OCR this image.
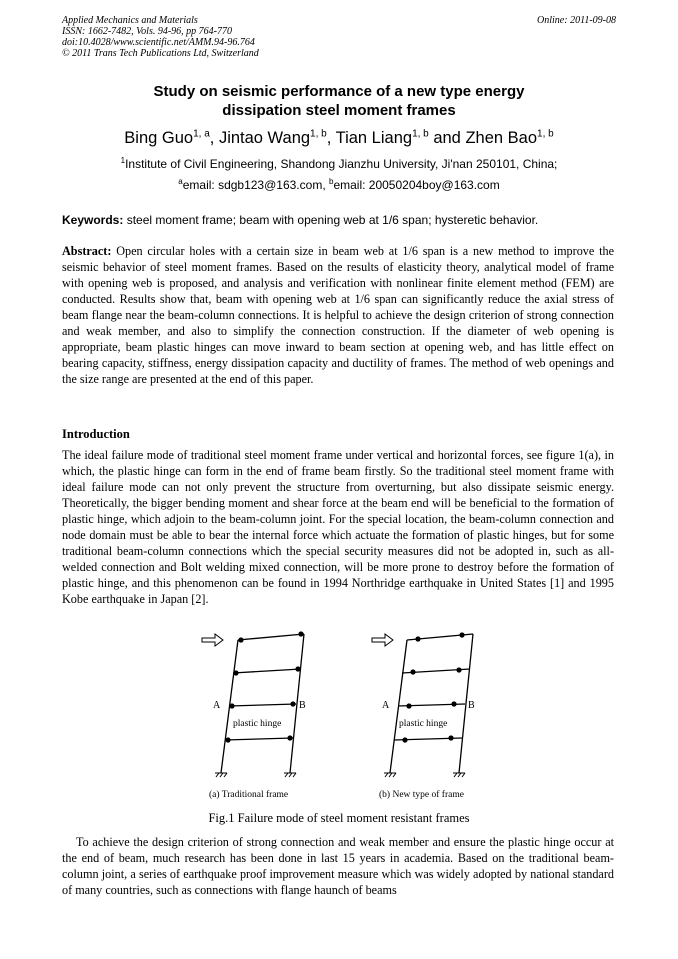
Applied Mechanics and Materials
ISSN: 1662-7482, Vols. 94-96, pp 764-770
doi:10.4028/www.scientific.net/AMM.94-96.764
© 2011 Trans Tech Publications Ltd, Switzerland
Online: 2011-09-08
Study on seismic performance of a new type energy
dissipation steel moment frames
Bing Guo$^{1, a}$, Jintao Wang$^{1, b}$, Tian Liang$^{1, b}$ and Zhen Bao$^{1, b}$
$^1$Institute of Civil Engineering, Shandong Jianzhu University, Ji'nan 250101, China;
$^a$email: sdgb123@163.com, $^b$email: 20050204boy@163.com
Keywords: steel moment frame; beam with opening web at 1/6 span; hysteretic behavior.
Abstract: Open circular holes with a certain size in beam web at 1/6 span is a new method to improve the seismic behavior of steel moment frames. Based on the results of elasticity theory, analytical model of frame with opening web is proposed, and analysis and verification with nonlinear finite element method (FEM) are conducted. Results show that, beam with opening web at 1/6 span can significantly reduce the axial stress of beam flange near the beam-column connections. It is helpful to achieve the design criterion of strong connection and weak member, and also to simplify the connection construction. If the diameter of web opening is appropriate, beam plastic hinges can move inward to beam section at opening web, and has little effect on bearing capacity, stiffness, energy dissipation capacity and ductility of frames. The method of web openings and the size range are presented at the end of this paper.
Introduction
The ideal failure mode of traditional steel moment frame under vertical and horizontal forces, see figure 1(a), in which, the plastic hinge can form in the end of frame beam firstly. So the traditional steel moment frame with ideal failure mode can not only prevent the structure from overturning, but also dissipate seismic energy. Theoretically, the bigger bending moment and shear force at the beam end will be beneficial to the formation of plastic hinge, which adjoin to the beam-column joint. For the special location, the beam-column connection and node domain must be able to bear the internal force which actuate the formation of plastic hinges, but for some traditional beam-column connections which the special security measures did not be adopted in, such as all-welded connection and Bolt welding mixed connection, will be more prone to destroy before the formation of plastic hinge, and this phenomenon can be found in 1994 Northridge earthquake in United States [1] and 1995 Kobe earthquake in Japan [2].
A	B
plastic hinge
(a) Traditional frame
A	B
plastic hinge
(b) New type of frame
Fig.1 Failure mode of steel moment resistant frames
To achieve the design criterion of strong connection and weak member and ensure the plastic hinge occur at the end of beam, much research has been done in last 15 years in academia. Based on the traditional beam-column joint, a series of earthquake proof improvement measure which was widely adopted by national standard of many countries, such as connections with flange haunch of beams
